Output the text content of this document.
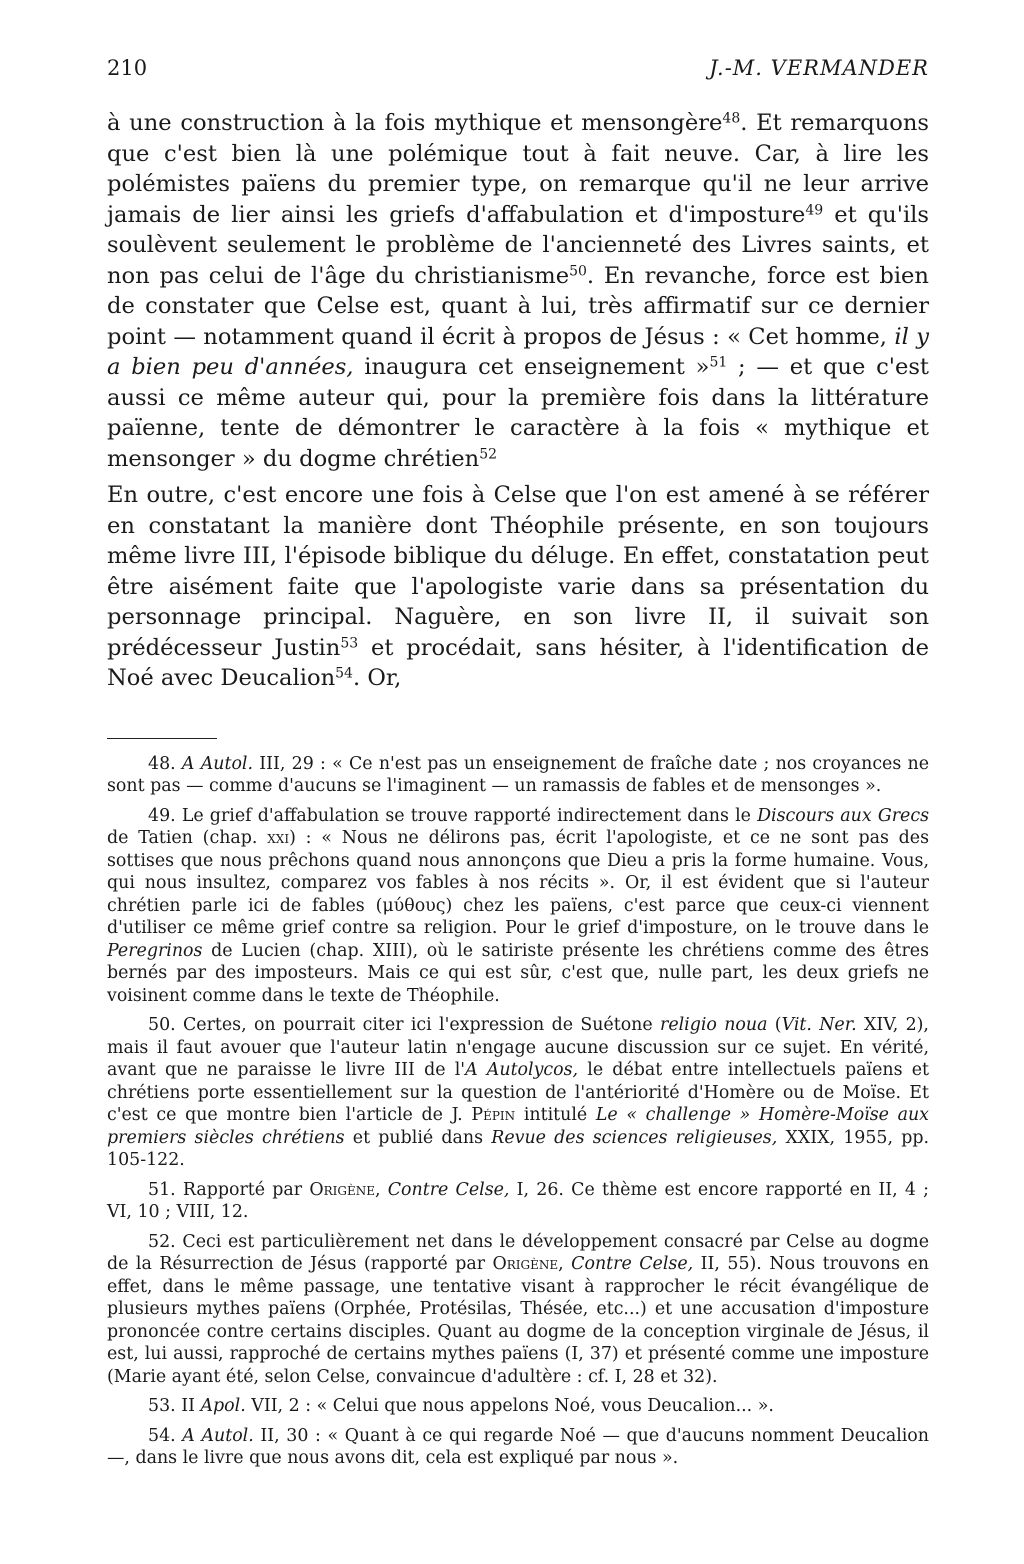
210	J.-M. VERMANDER

à une construction à la fois mythique et mensongère$^{48}$. Et remarquons que c'est bien là une polémique tout à fait neuve. Car, à lire les polémistes païens du premier type, on remarque qu'il ne leur arrive jamais de lier ainsi les griefs d'affabulation et d'imposture$^{49}$ et qu'ils soulèvent seulement le problème de l'ancienneté des Livres saints, et non pas celui de l'âge du christianisme$^{50}$. En revanche, force est bien de constater que Celse est, quant à lui, très affirmatif sur ce dernier point — notamment quand il écrit à propos de Jésus : « Cet homme, il y a bien peu d'années, inaugura cet enseignement »$^{51}$ ; — et que c'est aussi ce même auteur qui, pour la première fois dans la littérature païenne, tente de démontrer le caractère à la fois « mythique et mensonger » du dogme chrétien$^{52}$

En outre, c'est encore une fois à Celse que l'on est amené à se référer en constatant la manière dont Théophile présente, en son toujours même livre III, l'épisode biblique du déluge. En effet, constatation peut être aisément faite que l'apologiste varie dans sa présentation du personnage principal. Naguère, en son livre II, il suivait son prédécesseur Justin$^{53}$ et procédait, sans hésiter, à l'identification de Noé avec Deucalion$^{54}$. Or,

48. A Autol. III, 29 : « Ce n'est pas un enseignement de fraîche date ; nos croyances ne sont pas — comme d'aucuns se l'imaginent — un ramassis de fables et de mensonges ».

49. Le grief d'affabulation se trouve rapporté indirectement dans le Discours aux Grecs de Tatien (chap. xxi) : « Nous ne délirons pas, écrit l'apologiste, et ce ne sont pas des sottises que nous prêchons quand nous annonçons que Dieu a pris la forme humaine. Vous, qui nous insultez, comparez vos fables à nos récits ». Or, il est évident que si l'auteur chrétien parle ici de fables (μύθους) chez les païens, c'est parce que ceux-ci viennent d'utiliser ce même grief contre sa religion. Pour le grief d'imposture, on le trouve dans le Peregrinos de Lucien (chap. XIII), où le satiriste présente les chrétiens comme des êtres bernés par des imposteurs. Mais ce qui est sûr, c'est que, nulle part, les deux griefs ne voisinent comme dans le texte de Théophile.

50. Certes, on pourrait citer ici l'expression de Suétone religio noua (Vit. Ner. XIV, 2), mais il faut avouer que l'auteur latin n'engage aucune discussion sur ce sujet. En vérité, avant que ne paraisse le livre III de l'A Autolycos, le débat entre intellectuels païens et chrétiens porte essentiellement sur la question de l'antériorité d'Homère ou de Moïse. Et c'est ce que montre bien l'article de J. Pépin intitulé Le « challenge » Homère-Moïse aux premiers siècles chrétiens et publié dans Revue des sciences religieuses, XXIX, 1955, pp. 105-122.

51. Rapporté par Origène, Contre Celse, I, 26. Ce thème est encore rapporté en II, 4 ; VI, 10 ; VIII, 12.

52. Ceci est particulièrement net dans le développement consacré par Celse au dogme de la Résurrection de Jésus (rapporté par Origène, Contre Celse, II, 55). Nous trouvons en effet, dans le même passage, une tentative visant à rapprocher le récit évangélique de plusieurs mythes païens (Orphée, Protésilas, Thésée, etc...) et une accusation d'imposture prononcée contre certains disciples. Quant au dogme de la conception virginale de Jésus, il est, lui aussi, rapproché de certains mythes païens (I, 37) et présenté comme une imposture (Marie ayant été, selon Celse, convaincue d'adultère : cf. I, 28 et 32).

53. II Apol. VII, 2 : « Celui que nous appelons Noé, vous Deucalion... ».

54. A Autol. II, 30 : « Quant à ce qui regarde Noé — que d'aucuns nomment Deucalion —, dans le livre que nous avons dit, cela est expliqué par nous ».
